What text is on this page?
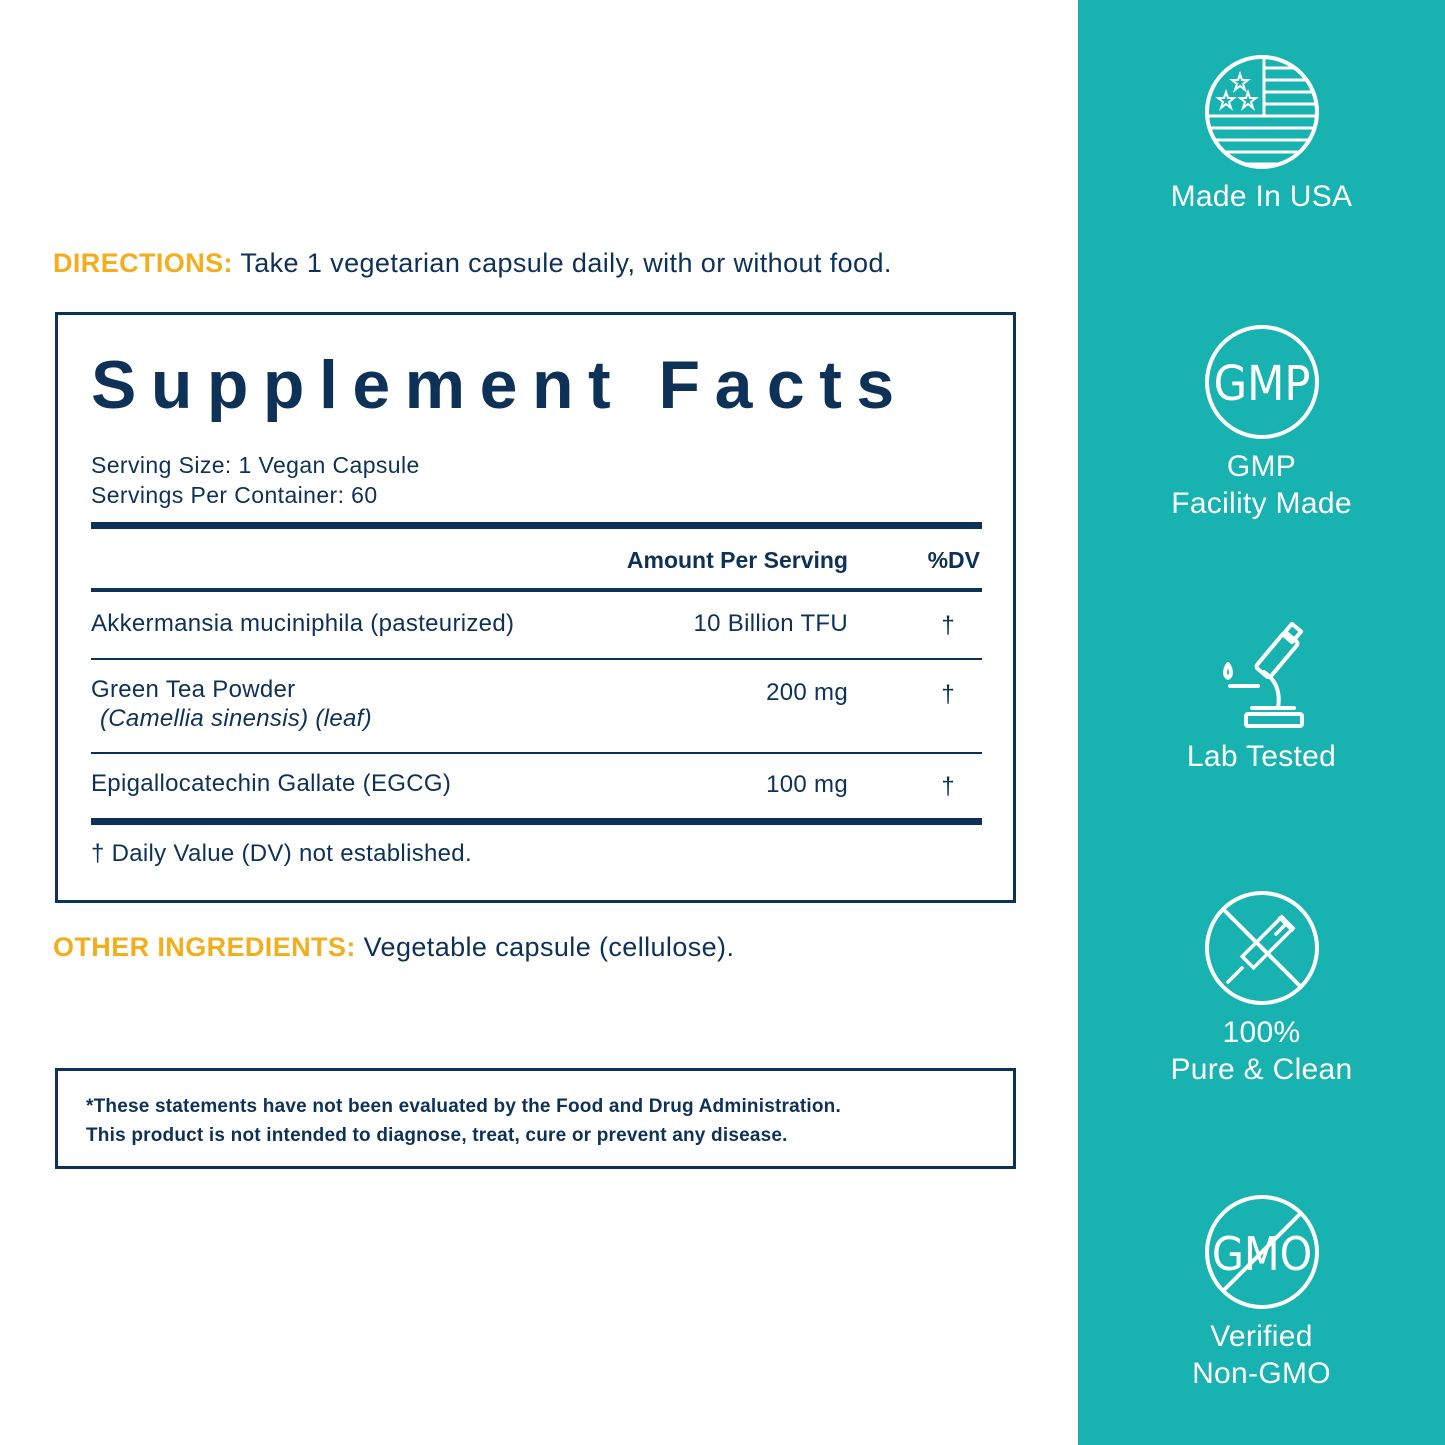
DIRECTIONS: Take 1 vegetarian capsule daily, with or without food.
Supplement Facts
Serving Size: 1 Vegan Capsule
Servings Per Container: 60
Amount Per Serving	%DV
Akkermansia muciniphila (pasteurized)	10 Billion TFU	†
Green Tea Powder
(Camellia sinensis) (leaf)
200 mg	†
Epigallocatechin Gallate (EGCG)	100 mg	†
† Daily Value (DV) not established.
OTHER INGREDIENTS: Vegetable capsule (cellulose).
*These statements have not been evaluated by the Food and Drug Administration.
This product is not intended to diagnose, treat, cure or prevent any disease.
Made In USA
GMP
GMP
Facility Made
Lab Tested
100%
Pure & Clean
GMO
Verified
Non-GMO
